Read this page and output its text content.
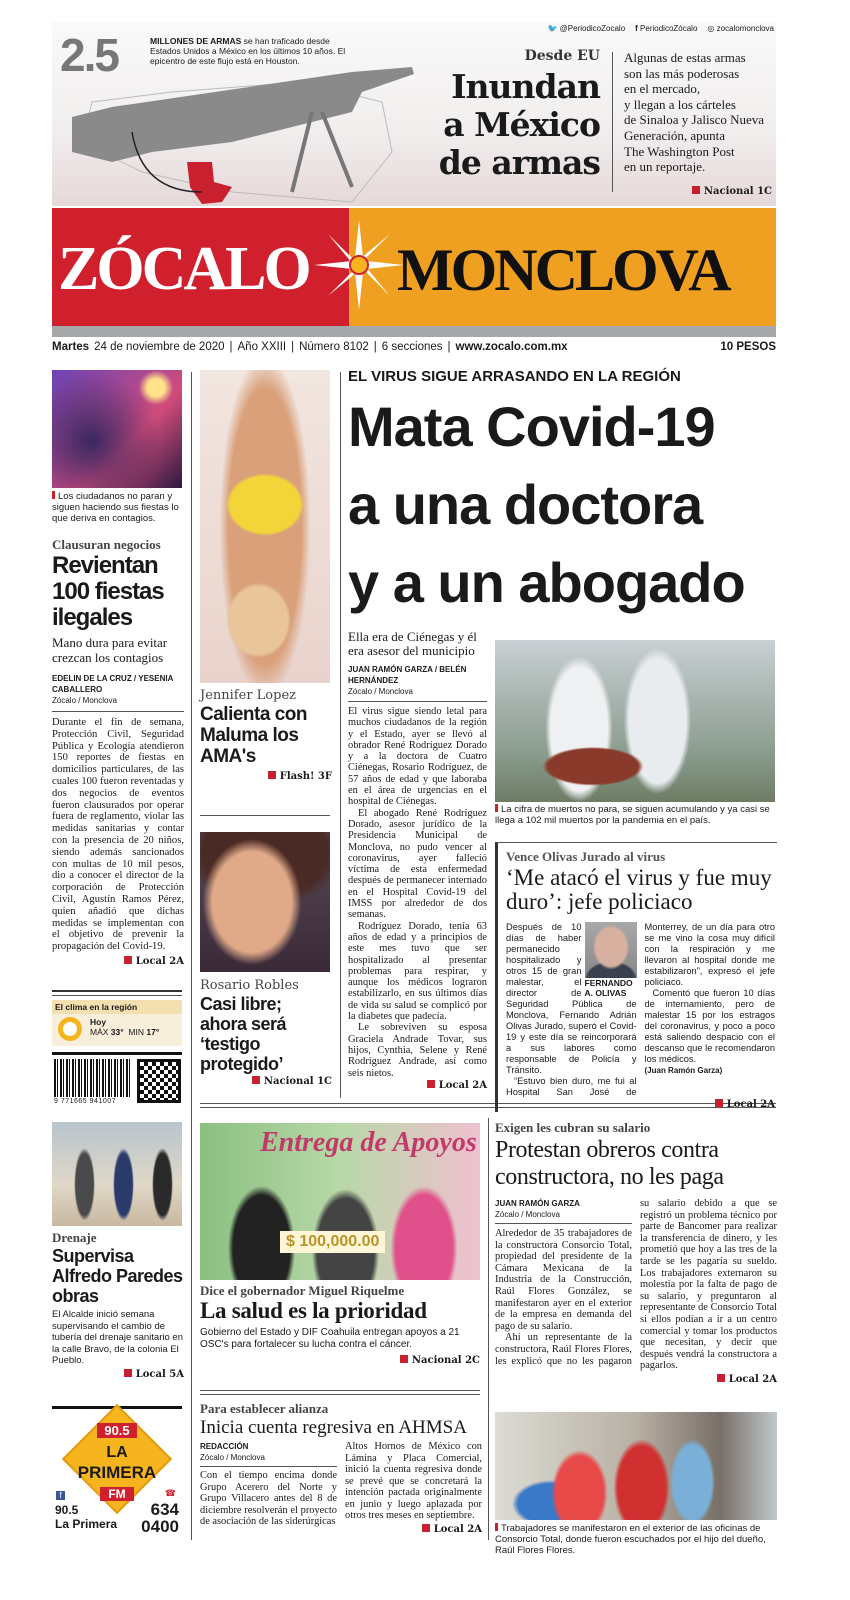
🐦 @PeriodicoZocalo f PeriodicoZócalo ◎ zocalomonclova
2.5	MILLONES DE ARMAS se han traficado desde Estados Unidos a México en los últimos 10 años. El epicentro de este flujo está en Houston.	Desde EU
Inundan
a México
de armas
Algunas de estas armas
son las más poderosas
en el mercado,
y llegan a los cárteles
de Sinaloa y Jalisco Nueva
Generación, apunta
The Washington Post
en un reportaje.
Nacional 1C
ZÓCALO MONCLOVA
Martes 24 de noviembre de 2020 | Año XXIII | Número 8102 | 6 secciones | www.zocalo.com.mx	10 PESOS
Los ciudadanos no paran y siguen haciendo sus fiestas lo que deriva en contagios.
Clausuran negocios
Revientan 100 fiestas ilegales
Mano dura para evitar crezcan los contagios
EDELIN DE LA CRUZ / YESENIA CABALLERO
Zócalo / Monclova

Durante el fin de semana, Protección Civil, Seguridad Pública y Ecología atendieron 150 reportes de fiestas en domicilios particulares, de las cuales 100 fueron reventadas y dos negocios de eventos fueron clausurados por operar fuera de reglamento, violar las medidas sanitarias y contar con la presencia de 20 niños, siendo además sancionados con multas de 10 mil pesos, dio a conocer el director de la corporación de Protección Civil, Agustín Ramos Pérez, quien añadió que dichas medidas se implementan con el objetivo de prevenir la propagación del Covid-19.

Local 2A
El clima en la región
Hoy
MÁX 33° MIN 17°
9 771665 941007
Jennifer Lopez
Calienta con Maluma los AMA's
Flash! 3F
Rosario Robles
Casi libre; ahora será ‘testigo protegido’
Nacional 1C
EL VIRUS SIGUE ARRASANDO EN LA REGIÓN
Mata Covid-19
a una doctora
y a un abogado
Ella era de Ciénegas y él era asesor del municipio
JUAN RAMÓN GARZA / BELÉN HERNÁNDEZ
Zócalo / Monclova

El virus sigue siendo letal para muchos ciudadanos de la región y el Estado, ayer se llevó al obrador René Rodríguez Dorado y a la doctora de Cuatro Ciénegas, Rosario Rodríguez, de 57 años de edad y que laboraba en el área de urgencias en el hospital de Ciénegas.

El abogado René Rodríguez Dorado, asesor jurídico de la Presidencia Municipal de Monclova, no pudo vencer al coronavirus, ayer falleció víctima de esta enfermedad después de permanecer internado en el Hospital Covid-19 del IMSS por alrededor de dos semanas.

Rodríguez Dorado, tenía 63 años de edad y a principios de este mes tuvo que ser hospitalizado al presentar problemas para respirar, y aunque los médicos lograron estabilizarlo, en sus últimos días de vida su salud se complicó por la diabetes que padecía.

Le sobreviven su esposa Graciela Andrade Tovar, sus hijos, Cynthia, Selene y René Rodríguez Andrade, así como seis nietos.

Local 2A
La cifra de muertos no para, se siguen acumulando y ya casi se llega a 102 mil muertos por la pandemia en el país.
Vence Olivas Jurado al virus
‘Me atacó el virus y fue muy duro’: jefe policiaco
FERNANDO A. OLIVAS

Después de 10 días de haber permanecido hospitalizado y otros 15 de gran malestar, el director de Seguridad Pública de Monclova, Fernando Adrián Olivas Jurado, superó el Covid-19 y este día se reincorporará a sus labores como responsable de Policía y Tránsito.

“Estuvo bien duro, me fui al Hospital San José de Monterrey, de un día para otro se me vino la cosa muy difícil con la respiración y me llevaron al hospital donde me estabilizaron”, expresó el jefe policiaco.

Comentó que fueron 10 días de internamiento, pero de malestar 15 por los estragos del coronavirus, y poco a poco está saliendo despacio con el descanso que le recomendaron los médicos.

(Juan Ramón Garza)

Local 2A
Drenaje
Supervisa Alfredo Paredes obras
El Alcalde inició semana supervisando el cambio de tubería del drenaje sanitario en la calle Bravo, de la colonia El Pueblo.
Local 5A
90.5
LA
PRIMERA
FM
f
90.5
La Primera
☎
634
0400
Entrega de Apoyos
$ 100,000.00
Dice el gobernador Miguel Riquelme
La salud es la prioridad
Gobierno del Estado y DIF Coahuila entregan apoyos a 21 OSC's para fortalecer su lucha contra el cáncer.
Nacional 2C
Para establecer alianza
Inicia cuenta regresiva en AHMSA
REDACCIÓN
Zócalo / Monclova

Con el tiempo encima donde Grupo Acerero del Norte y Grupo Villacero antes del 8 de diciembre resolverán el proyecto de asociación de las siderúrgicas

Altos Hornos de México con Lámina y Placa Comercial, inició la cuenta regresiva donde se prevé que se concretará la intención pactada originalmente en junio y luego aplazada por otros tres meses en septiembre.

Local 2A
Exigen les cubran su salario
Protestan obreros contra constructora, no les paga
JUAN RAMÓN GARZA
Zócalo / Monclova

Alrededor de 35 trabajadores de la constructora Consorcio Total, propiedad del presidente de la Cámara Mexicana de la Industria de la Construcción, Raúl Flores González, se manifestaron ayer en el exterior de la empresa en demanda del pago de su salario.

Ahí un representante de la constructora, Raúl Flores Flores, les explicó que no les pagaron su salario debido a que se registró un problema técnico por parte de Bancomer para realizar la transferencia de dinero, y les prometió que hoy a las tres de la tarde se les pagaría su sueldo. Los trabajadores externaron su molestia por la falta de pago de su salario, y preguntaron al representante de Consorcio Total si ellos podían a ir a un centro comercial y tomar los productos que necesitan, y decir que después vendrá la constructora a pagarlos.

Local 2A
Trabajadores se manifestaron en el exterior de las oficinas de Consorcio Total, donde fueron escuchados por el hijo del dueño, Raúl Flores Flores.
